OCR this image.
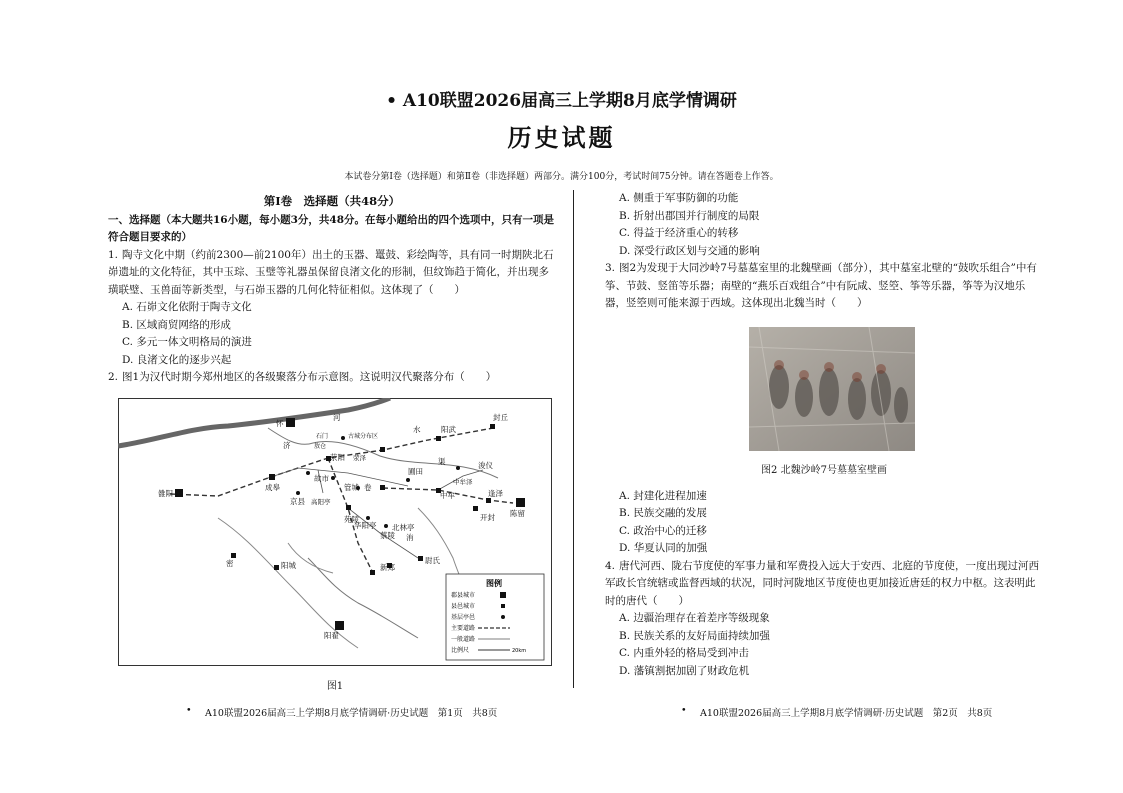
• A10联盟2026届高三上学期8月底学情调研
历史试题
本试卷分第Ⅰ卷（选择题）和第Ⅱ卷（非选择题）两部分。满分100分，考试时间75分钟。请在答题卷上作答。
第Ⅰ卷　选择题（共48分）
一、选择题（本大题共16小题，每小题3分，共48分。在每小题给出的四个选项中，只有一项是符合题目要求的）
1. 陶寺文化中期（约前2300—前2100年）出土的玉器、鼍鼓、彩绘陶等，具有同一时期陕北石峁遗址的文化特征，其中玉琮、玉璧等礼器虽保留良渚文化的形制，但纹饰趋于简化，并出现多璜联璧、玉兽面等新类型，与石峁玉器的几何化特征相似。这体现了（　　）
A. 石峁文化依附于陶寺文化
B. 区域商贸网络的形成
C. 多元一体文明格局的演进
D. 良渚文化的逐步兴起
2. 图1为汉代时期今郑州地区的各级聚落分布示意图。这说明汉代聚落分布（　　）
怀
河
济
水	阳武
封丘
石门	古城分布区
敖仓
荥阳 荥泽
成皋
故市
苑陵
雒阳
京县 高阳亭
圃田
渠	浚仪
中牟泽
中牟	逢泽
开封 陈留
北林亭
华阳亭
蔡陵 洧
尉氏
新郑
密	阳城
阳翟
卷
管城
图例
郡县城市
县邑城市
基层亭邑
主要道路
一般道路
比例尺	20km
图1
A. 侧重于军事防御的功能
B. 折射出郡国并行制度的局限
C. 得益于经济重心的转移
D. 深受行政区划与交通的影响
3. 图2为发现于大同沙岭7号墓墓室里的北魏壁画（部分），其中墓室北壁的“鼓吹乐组合”中有筝、节鼓、竖笛等乐器；南壁的“燕乐百戏组合”中有阮咸、竖箜、筝等乐器，筝等为汉地乐器，竖箜则可能来源于西域。这体现出北魏当时（　　）
图2 北魏沙岭7号墓墓室壁画
A. 封建化进程加速
B. 民族交融的发展
C. 政治中心的迁移
D. 华夏认同的加强
4. 唐代河西、陇右节度使的军事力量和军费投入远大于安西、北庭的节度使，一度出现过河西军政长官统辖或监督西域的状况，同时河陇地区节度使也更加接近唐廷的权力中枢。这表明此时的唐代（　　）
A. 边疆治理存在着差序等级现象
B. 民族关系的友好局面持续加强
C. 内重外轻的格局受到冲击
D. 藩镇割据加剧了财政危机
• A10联盟2026届高三上学期8月底学情调研·历史试题　第1页　共8页	• A10联盟2026届高三上学期8月底学情调研·历史试题　第2页　共8页
